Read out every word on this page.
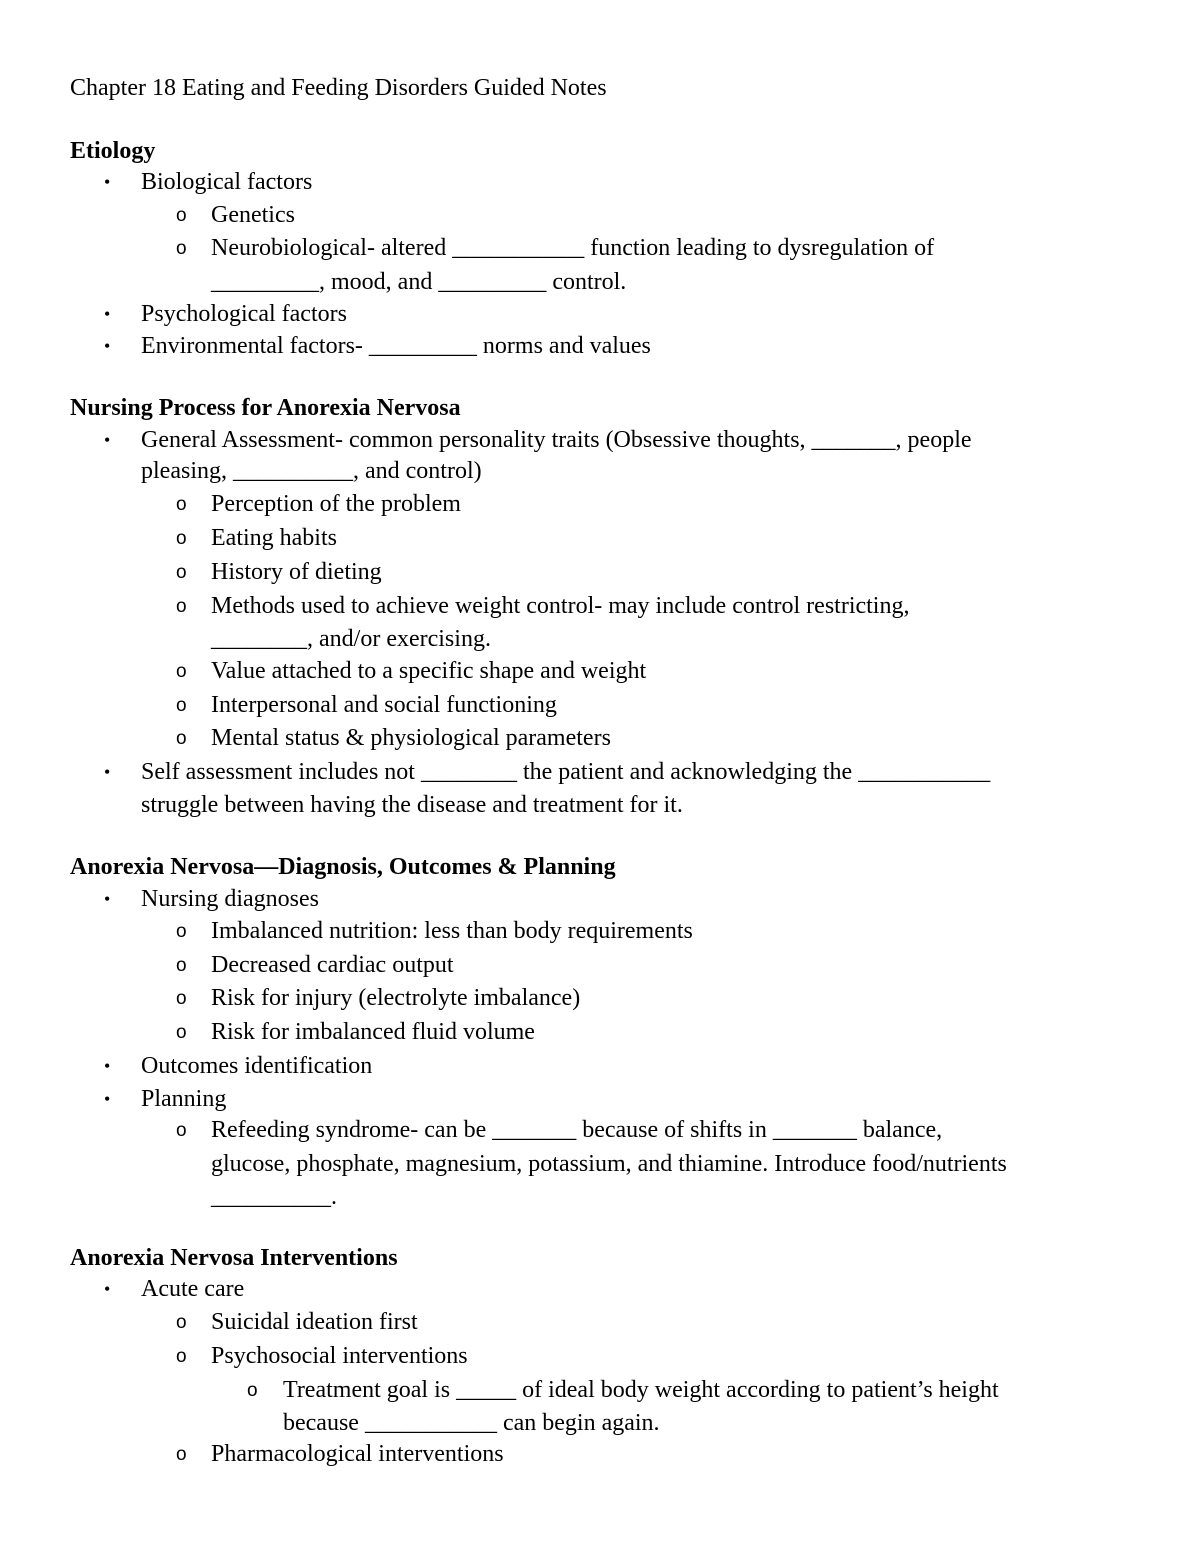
Chapter 18 Eating and Feeding Disorders Guided Notes
Etiology
• Biological factors
o Genetics
o Neurobiological- altered ___________ function leading to dysregulation of
_________, mood, and _________ control.
• Psychological factors
• Environmental factors- _________ norms and values
Nursing Process for Anorexia Nervosa
• General Assessment- common personality traits (Obsessive thoughts, _______, people
pleasing, __________, and control)
o Perception of the problem
o Eating habits
o History of dieting
o Methods used to achieve weight control- may include control restricting,
________, and/or exercising.
o Value attached to a specific shape and weight
o Interpersonal and social functioning
o Mental status & physiological parameters
• Self assessment includes not ________ the patient and acknowledging the ___________
struggle between having the disease and treatment for it.
Anorexia Nervosa—Diagnosis, Outcomes & Planning
• Nursing diagnoses
o Imbalanced nutrition: less than body requirements
o Decreased cardiac output
o Risk for injury (electrolyte imbalance)
o Risk for imbalanced fluid volume
• Outcomes identification
• Planning
o Refeeding syndrome- can be _______ because of shifts in _______ balance,
glucose, phosphate, magnesium, potassium, and thiamine. Introduce food/nutrients
__________.
Anorexia Nervosa Interventions
• Acute care
o Suicidal ideation first
o Psychosocial interventions
o Treatment goal is _____ of ideal body weight according to patient’s height
because ___________ can begin again.
o Pharmacological interventions
